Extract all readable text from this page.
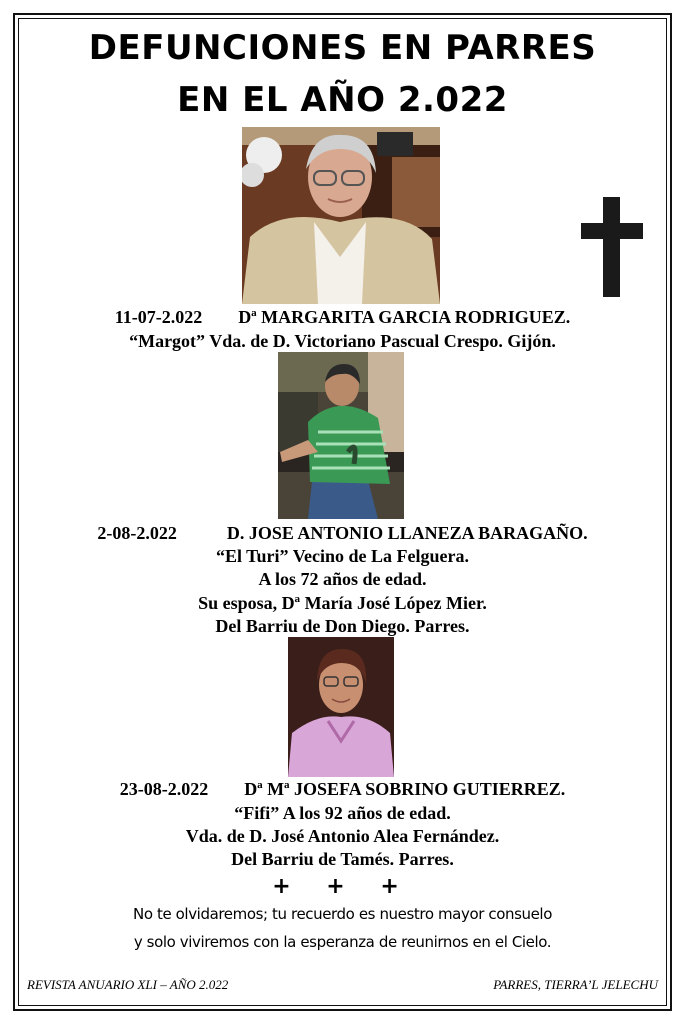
DEFUNCIONES EN PARRES
EN EL AÑO 2.022
11-07-2.022 Dª MARGARITA GARCIA RODRIGUEZ.
“Margot” Vda. de D. Victoriano Pascual Crespo. Gijón.
2-08-2.022	D. JOSE ANTONIO LLANEZA BARAGAÑO.
“El Turi” Vecino de La Felguera.
A los 72 años de edad.
Su esposa, Dª María José López Mier.
Del Barriu de Don Diego. Parres.
23-08-2.022 Dª Mª JOSEFA SOBRINO GUTIERREZ.
“Fifi” A los 92 años de edad.
Vda. de D. José Antonio Alea Fernández.
Del Barriu de Tamés. Parres.
+ + +
No te olvidaremos; tu recuerdo es nuestro mayor consuelo
y solo viviremos con la esperanza de reunirnos en el Cielo.
REVISTA ANUARIO XLI – AÑO 2.022	PARRES, TIERRA’L JELECHU
